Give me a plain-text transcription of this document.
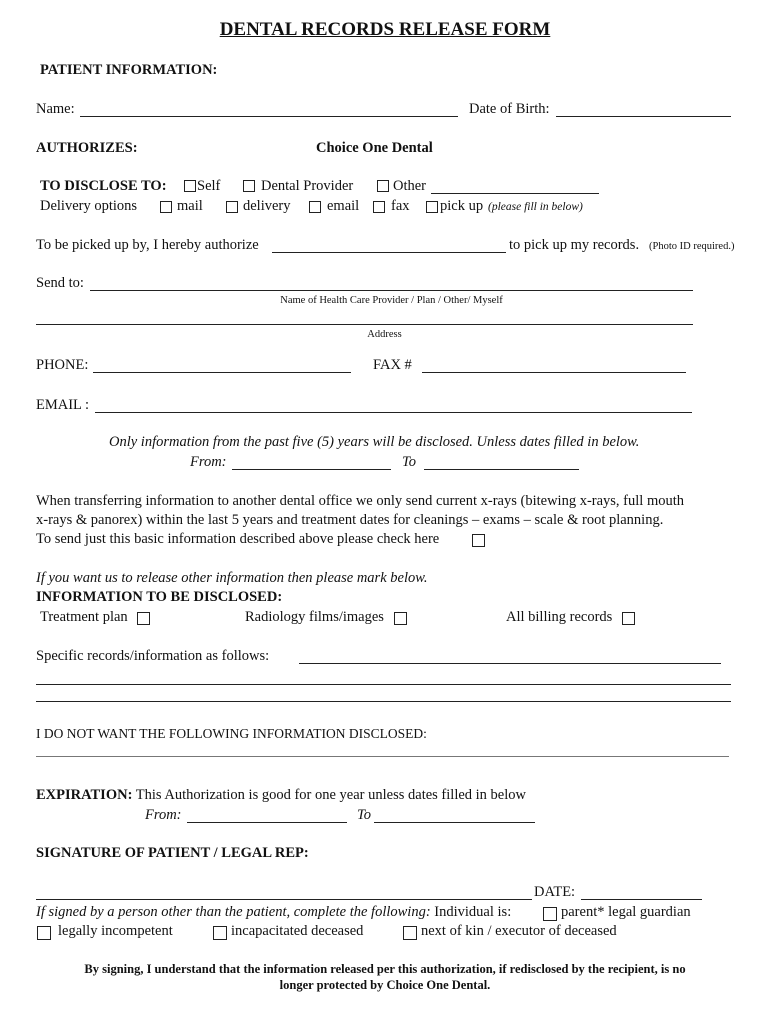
DENTAL RECORDS RELEASE FORM
PATIENT INFORMATION:
Name:	Date of Birth:
AUTHORIZES:	Choice One Dental
TO DISCLOSE TO: Self	Dental Provider	Other
Delivery options	mail	delivery	email fax pick up (please fill in below)
To be picked up by, I hereby authorize	to pick up my records. (Photo ID required.)
Send to:
Name of Health Care Provider / Plan / Other/ Myself
Address
PHONE:	FAX #
EMAIL :
Only information from the past five (5) years will be disclosed. Unless dates filled in below.
From:	To
When transferring information to another dental office we only send current x-rays (bitewing x-rays, full mouth
x-rays & panorex) within the last 5 years and treatment dates for cleanings – exams – scale & root planning.
To send just this basic information described above please check here
If you want us to release other information then please mark below.
INFORMATION TO BE DISCLOSED:
Treatment plan	Radiology films/images	All billing records
Specific records/information as follows:
I DO NOT WANT THE FOLLOWING INFORMATION DISCLOSED:
EXPIRATION: This Authorization is good for one year unless dates filled in below
From:	To
SIGNATURE OF PATIENT / LEGAL REP:
DATE:
If signed by a person other than the patient, complete the following: Individual is:	parent* legal guardian
legally incompetent	incapacitated deceased	next of kin / executor of deceased
By signing, I understand that the information released per this authorization, if redisclosed by the recipient, is no
longer protected by Choice One Dental.
